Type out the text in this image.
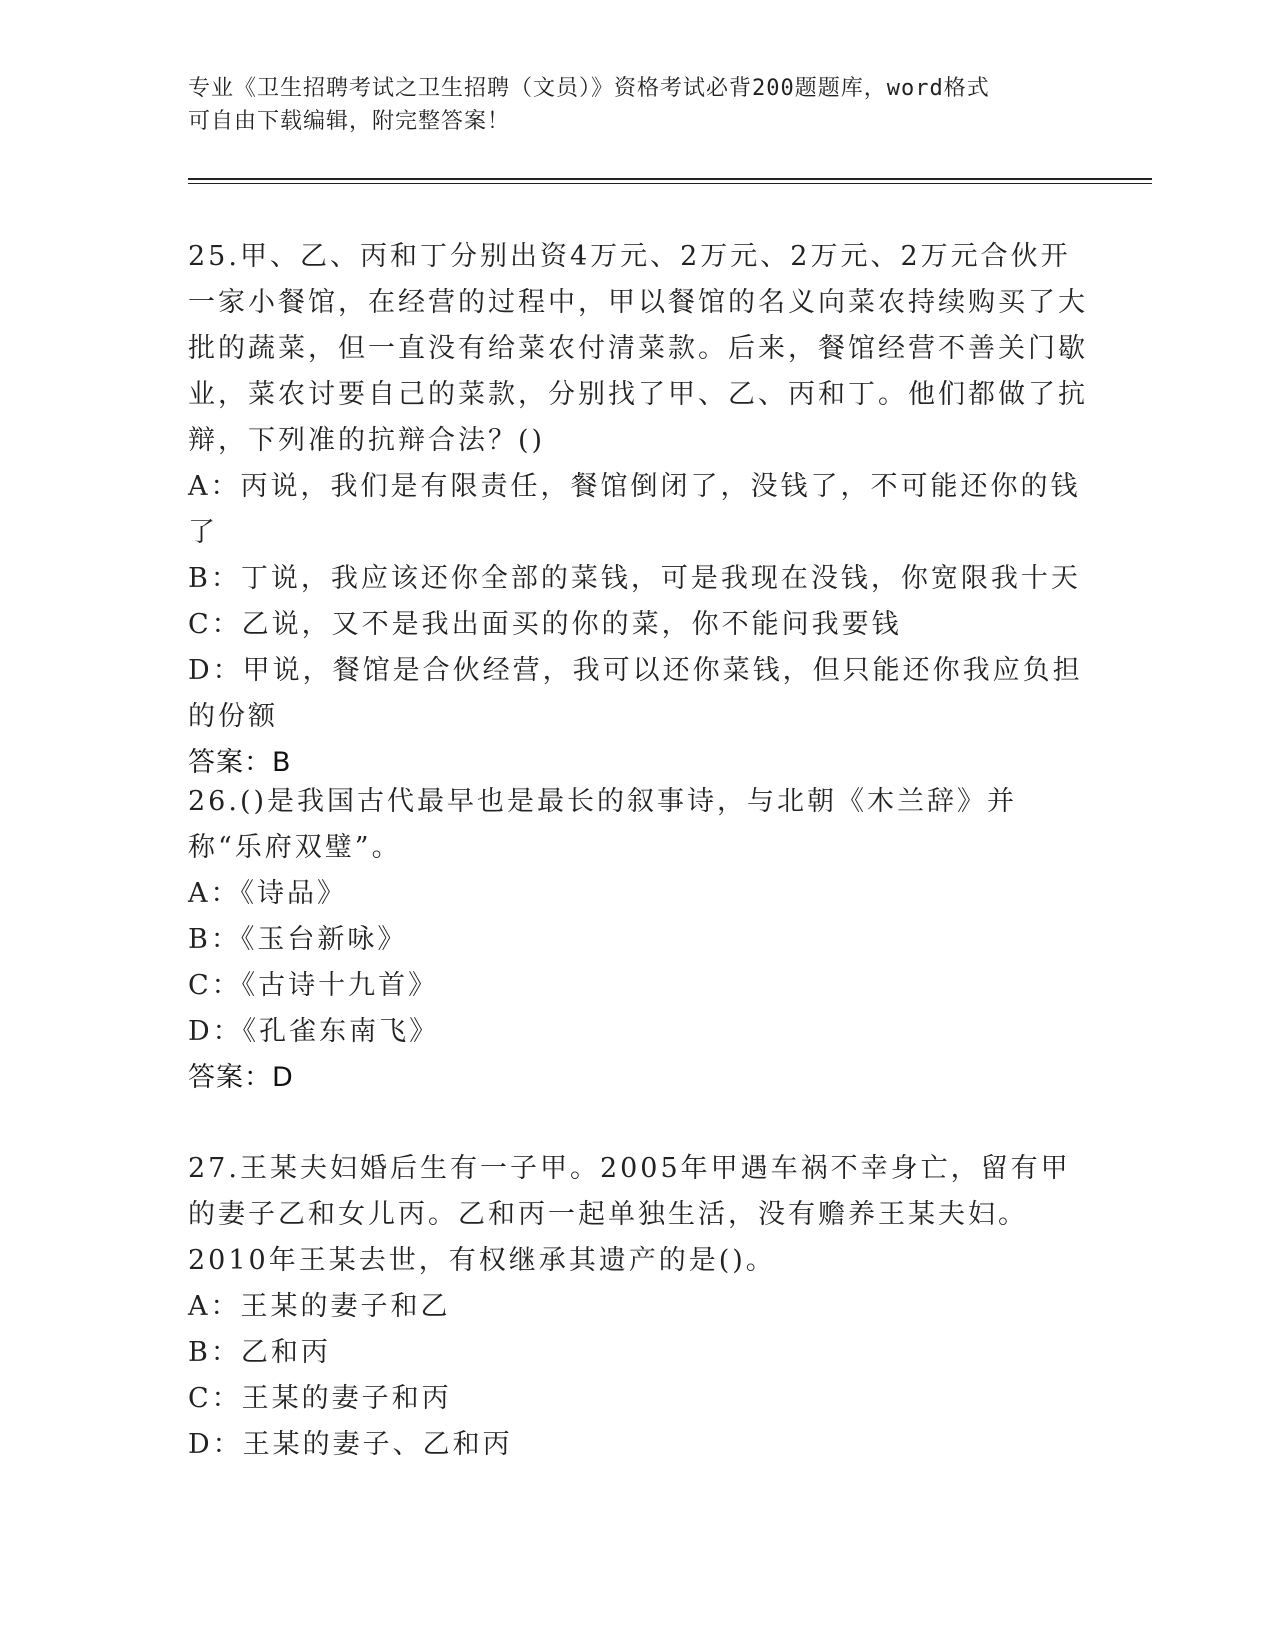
专业《卫生招聘考试之卫生招聘（文员）》资格考试必背200题题库，word格式
可自由下载编辑，附完整答案！

25.甲、乙、丙和丁分别出资4万元、2万元、2万元、2万元合伙开一家小餐馆，在经营的过程中，甲以餐馆的名义向菜农持续购买了大批的蔬菜，但一直没有给菜农付清菜款。后来，餐馆经营不善关门歇业，菜农讨要自己的菜款，分别找了甲、乙、丙和丁。他们都做了抗辩，下列准的抗辩合法？()

A：丙说，我们是有限责任，餐馆倒闭了，没钱了，不可能还你的钱了

B：丁说，我应该还你全部的菜钱，可是我现在没钱，你宽限我十天

C：乙说，又不是我出面买的你的菜，你不能问我要钱

D：甲说，餐馆是合伙经营，我可以还你菜钱，但只能还你我应负担的份额

答案：B

26.()是我国古代最早也是最长的叙事诗，与北朝《木兰辞》并称“乐府双璧”。

A：《诗品》

B：《玉台新咏》

C：《古诗十九首》

D：《孔雀东南飞》

答案：D

27.王某夫妇婚后生有一子甲。2005年甲遇车祸不幸身亡，留有甲的妻子乙和女儿丙。乙和丙一起单独生活，没有赡养王某夫妇。2010年王某去世，有权继承其遗产的是()。

A：王某的妻子和乙

B：乙和丙

C：王某的妻子和丙

D：王某的妻子、乙和丙
